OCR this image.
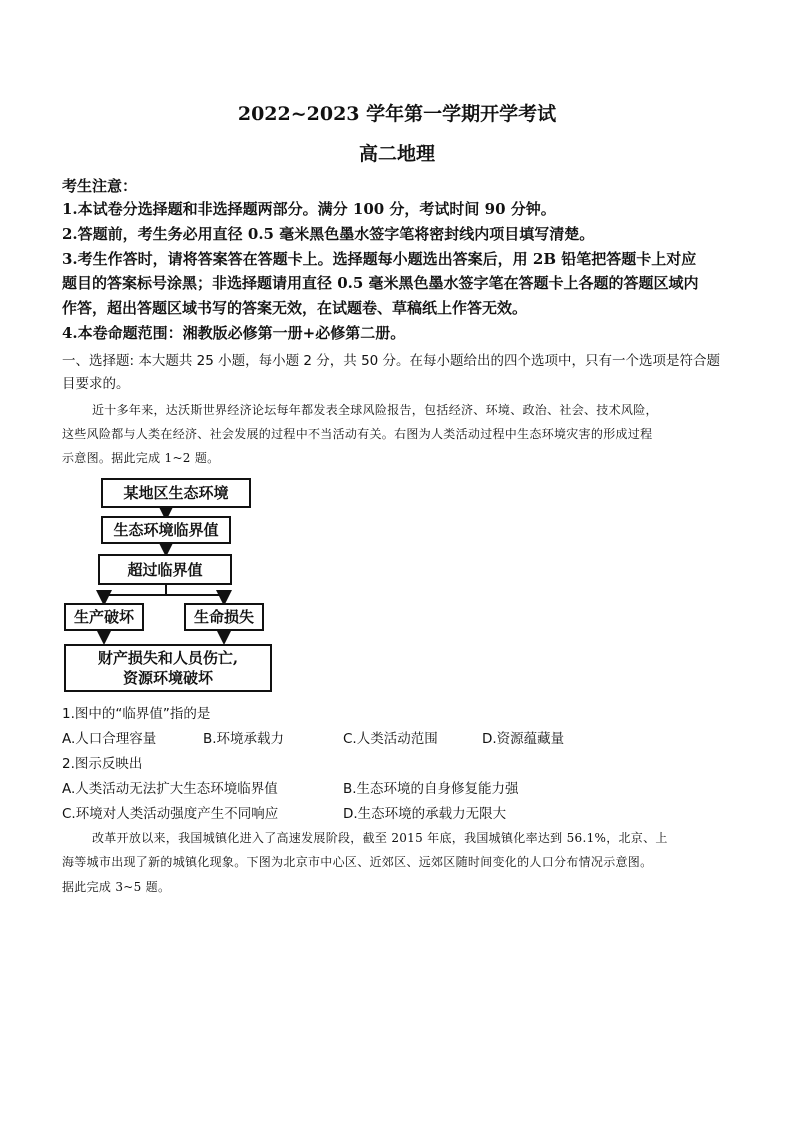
2022~2023 学年第一学期开学考试
高二地理
考生注意：
1.本试卷分选择题和非选择题两部分。满分 100 分，考试时间 90 分钟。
2.答题前，考生务必用直径 0.5 毫米黑色墨水签字笔将密封线内项目填写清楚。
3.考生作答时，请将答案答在答题卡上。选择题每小题选出答案后，用 2B 铅笔把答题卡上对应
题目的答案标号涂黑；非选择题请用直径 0.5 毫米黑色墨水签字笔在答题卡上各题的答题区域内
作答，超出答题区域书写的答案无效，在试题卷、草稿纸上作答无效。
4.本卷命题范围：湘教版必修第一册+必修第二册。
一、选择题: 本大题共 25 小题，每小题 2 分，共 50 分。在每小题给出的四个选项中，只有一个选项是符合题
目要求的。
近十多年来，达沃斯世界经济论坛每年都发表全球风险报告，包括经济、环境、政治、社会、技术风险，
这些风险都与人类在经济、社会发展的过程中不当活动有关。右图为人类活动过程中生态环境灾害的形成过程
示意图。据此完成 1~2 题。
某地区生态环境
生态环境临界值
超过临界值
生产破坏	生命损失
财产损失和人员伤亡,
资源环境破坏
1.图中的“临界值”指的是
A.人口合理容量	B.环境承载力	C.人类活动范围	D.资源蕴藏量
2.图示反映出
A.人类活动无法扩大生态环境临界值	B.生态环境的自身修复能力强
C.环境对人类活动强度产生不同响应	D.生态环境的承载力无限大
改革开放以来，我国城镇化进入了高速发展阶段，截至 2015 年底，我国城镇化率达到 56.1%，北京、上
海等城市出现了新的城镇化现象。下图为北京市中心区、近郊区、远郊区随时间变化的人口分布情况示意图。
据此完成 3~5 题。
